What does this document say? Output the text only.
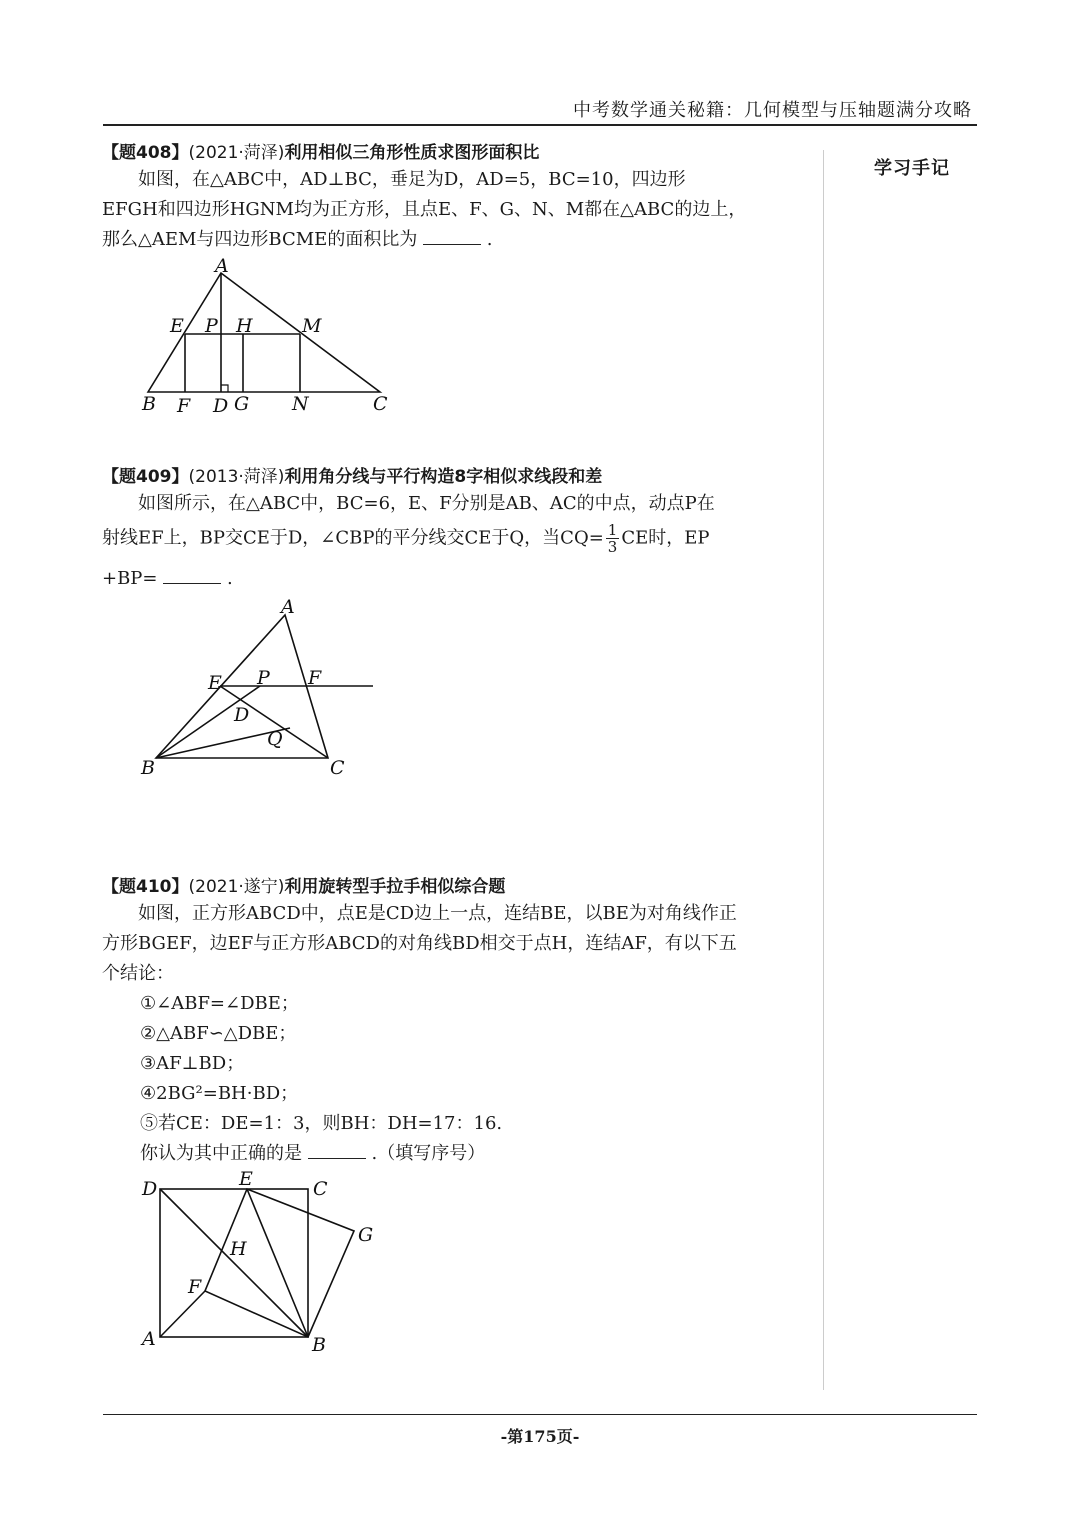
中考数学通关秘籍：几何模型与压轴题满分攻略
学习手记
【题408】(2021·菏泽)利用相似三角形性质求图形面积比
如图，在△ABC中，AD⊥BC，垂足为D，AD=5，BC=10，四边形
EFGH和四边形HGNM均为正方形，且点E、F、G、N、M都在△ABC的边上，
那么△AEM与四边形BCME的面积比为	.
A
E P H	M
B F D G N	C
【题409】(2013·菏泽)利用角分线与平行构造8字相似求线段和差
如图所示，在△ABC中，BC=6，E、F分别是AB、AC的中点，动点P在
射线EF上，BP交CE于D，∠CBP的平分线交CE于Q，当$CQ= \frac{1}{3}$ CE时，EP
+BP=	.
A
E P F
D
Q
B	C
【题410】(2021·遂宁)利用旋转型手拉手相似综合题
如图，正方形ABCD中，点E是CD边上一点，连结BE，以BE为对角线作正
方形BGEF，边EF与正方形ABCD的对角线BD相交于点H，连结AF，有以下五
个结论：
①∠ABF=∠DBE；
②△ABF∽△DBE；
③AF⊥BD；
④2BG²=BH·BD；
⑤若CE：DE=1：3，则BH：DH=17：16.
你认为其中正确的是	.（填写序号）
D	E	C
G
H
F
A	B
-第175页-
